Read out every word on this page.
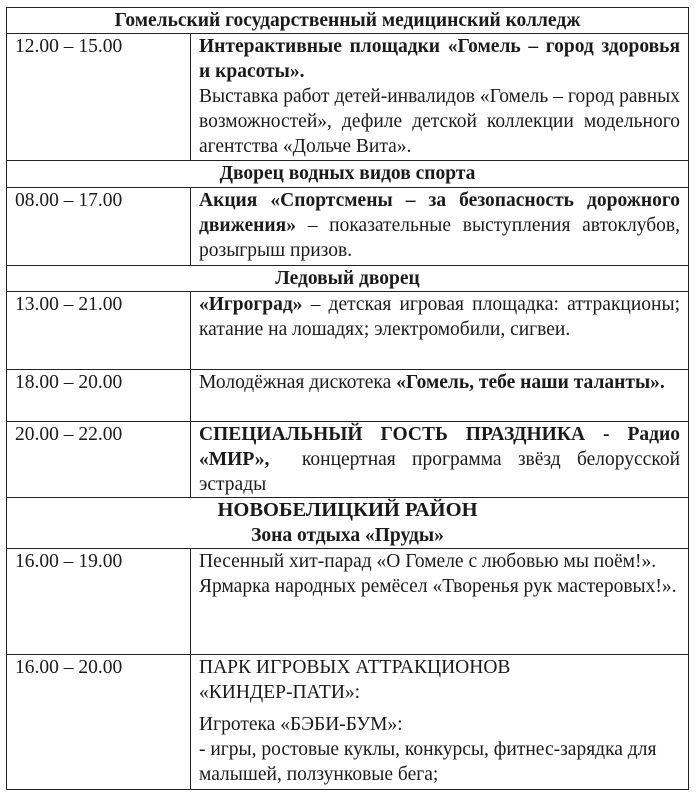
Гомельский государственный медицинский колледж	
12.00 – 15.00	Интерактивные площадки «Гомель – город здоровья и красоты».
Выставка работ детей-инвалидов «Гомель – город равных возможностей», дефиле детской коллекции модельного агентства «Дольче Вита».

Дворец водных видов спорта	
08.00 – 17.00	Акция «Спортсмены – за безопасность дорожного движения» – показательные выступления автоклубов, розыгрыш призов.
Ледовый дворец	
13.00 – 21.00	«Игроград» – детская игровая площадка: аттракционы; катание на лошадях; электромобили, сигвеи.
18.00 – 20.00	Молодёжная дискотека «Гомель, тебе наши таланты».
20.00 – 22.00	СПЕЦИАЛЬНЫЙ ГОСТЬ ПРАЗДНИКА - Радио «МИР», концертная программа звёзд белорусской эстрады

НОВОБЕЛИЦКИЙ РАЙОН
Зона отдыха «Пруды»	

16.00 – 19.00	Песенный хит-парад «О Гомеле с любовью мы поём!».
Ярмарка народных ремёсел «Творенья рук мастеровых!».

16.00 – 20.00	ПАРК ИГРОВЫХ АТТРАКЦИОНОВ «КИНДЕР-ПАТИ»:
Игротека «БЭБИ-БУМ»:
- игры, ростовые куклы, конкурсы, фитнес-зарядка для малышей, ползунковые бега;
